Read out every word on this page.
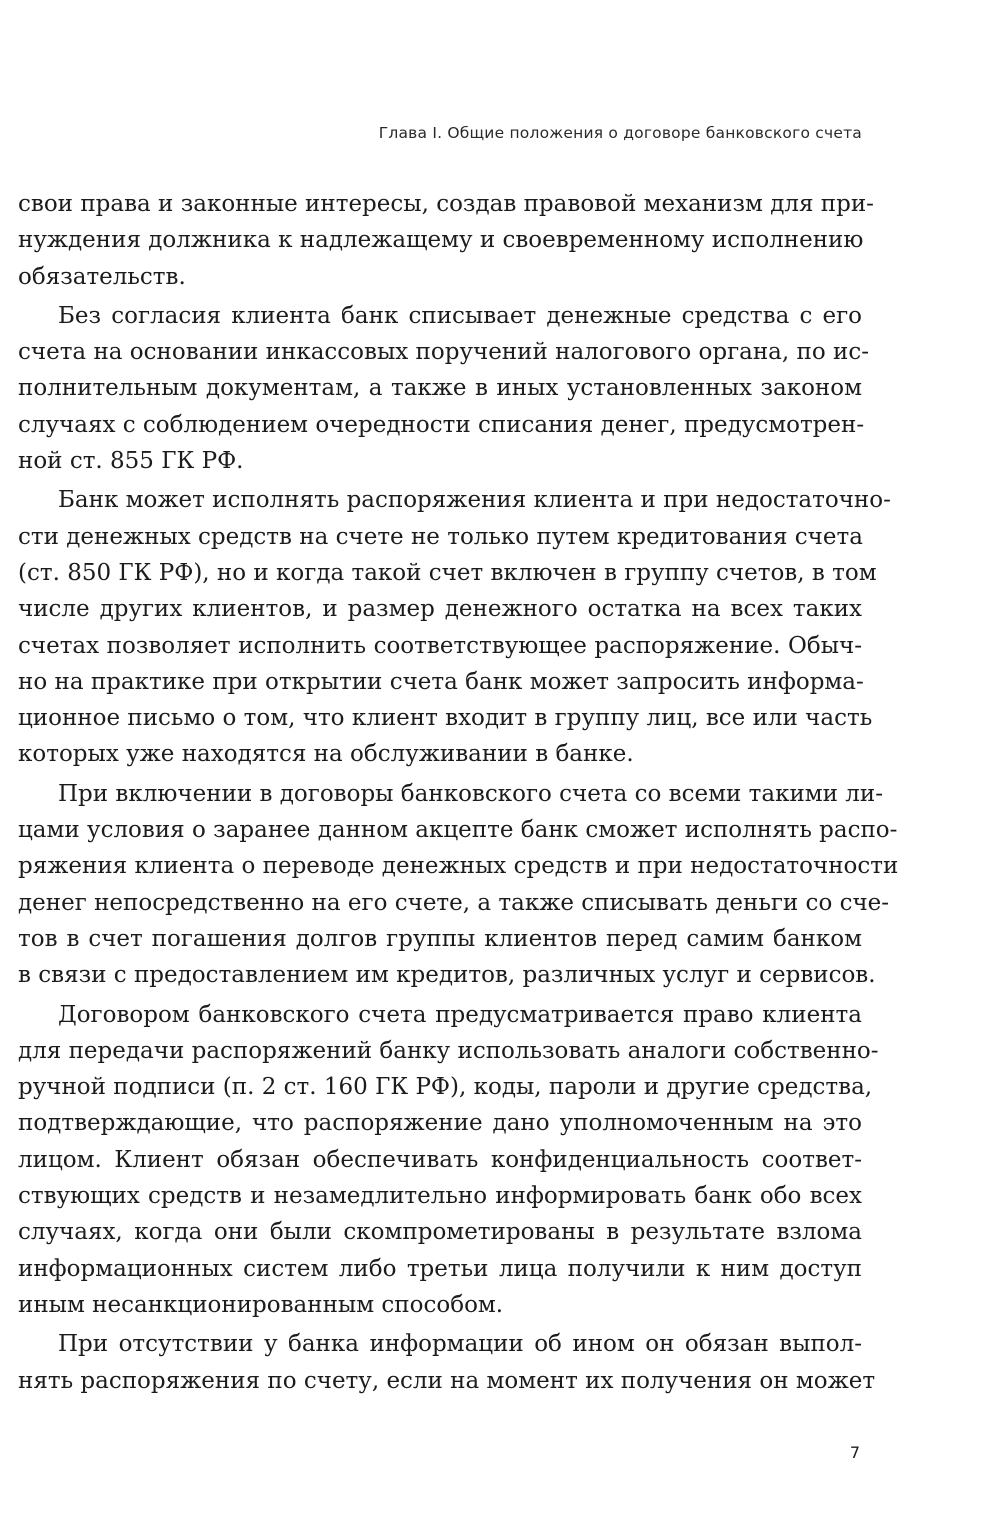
Глава I. Общие положения о договоре банковского счета
свои права и законные интересы, создав правовой механизм для при-
нуждения должника к надлежащему и своевременному исполнению
обязательств.
Без согласия клиента банк списывает денежные средства с его
счета на основании инкассовых поручений налогового органа, по ис-
полнительным документам, а также в иных установленных законом
случаях с соблюдением очередности списания денег, предусмотрен-
ной ст. 855 ГК РФ.
Банк может исполнять распоряжения клиента и при недостаточно-
сти денежных средств на счете не только путем кредитования счета
(ст. 850 ГК РФ), но и когда такой счет включен в группу счетов, в том
числе других клиентов, и размер денежного остатка на всех таких
счетах позволяет исполнить соответствующее распоряжение. Обыч-
но на практике при открытии счета банк может запросить информа-
ционное письмо о том, что клиент входит в группу лиц, все или часть
которых уже находятся на обслуживании в банке.
При включении в договоры банковского счета со всеми такими ли-
цами условия о заранее данном акцепте банк сможет исполнять распо-
ряжения клиента о переводе денежных средств и при недостаточности
денег непосредственно на его счете, а также списывать деньги со сче-
тов в счет погашения долгов группы клиентов перед самим банком
в связи с предоставлением им кредитов, различных услуг и сервисов.
Договором банковского счета предусматривается право клиента
для передачи распоряжений банку использовать аналоги собственно-
ручной подписи (п. 2 ст. 160 ГК РФ), коды, пароли и другие средства,
подтверждающие, что распоряжение дано уполномоченным на это
лицом. Клиент обязан обеспечивать конфиденциальность соответ-
ствующих средств и незамедлительно информировать банк обо всех
случаях, когда они были скомпрометированы в результате взлома
информационных систем либо третьи лица получили к ним доступ
иным несанкционированным способом.
При отсутствии у банка информации об ином он обязан выпол-
нять распоряжения по счету, если на момент их получения он может
7
